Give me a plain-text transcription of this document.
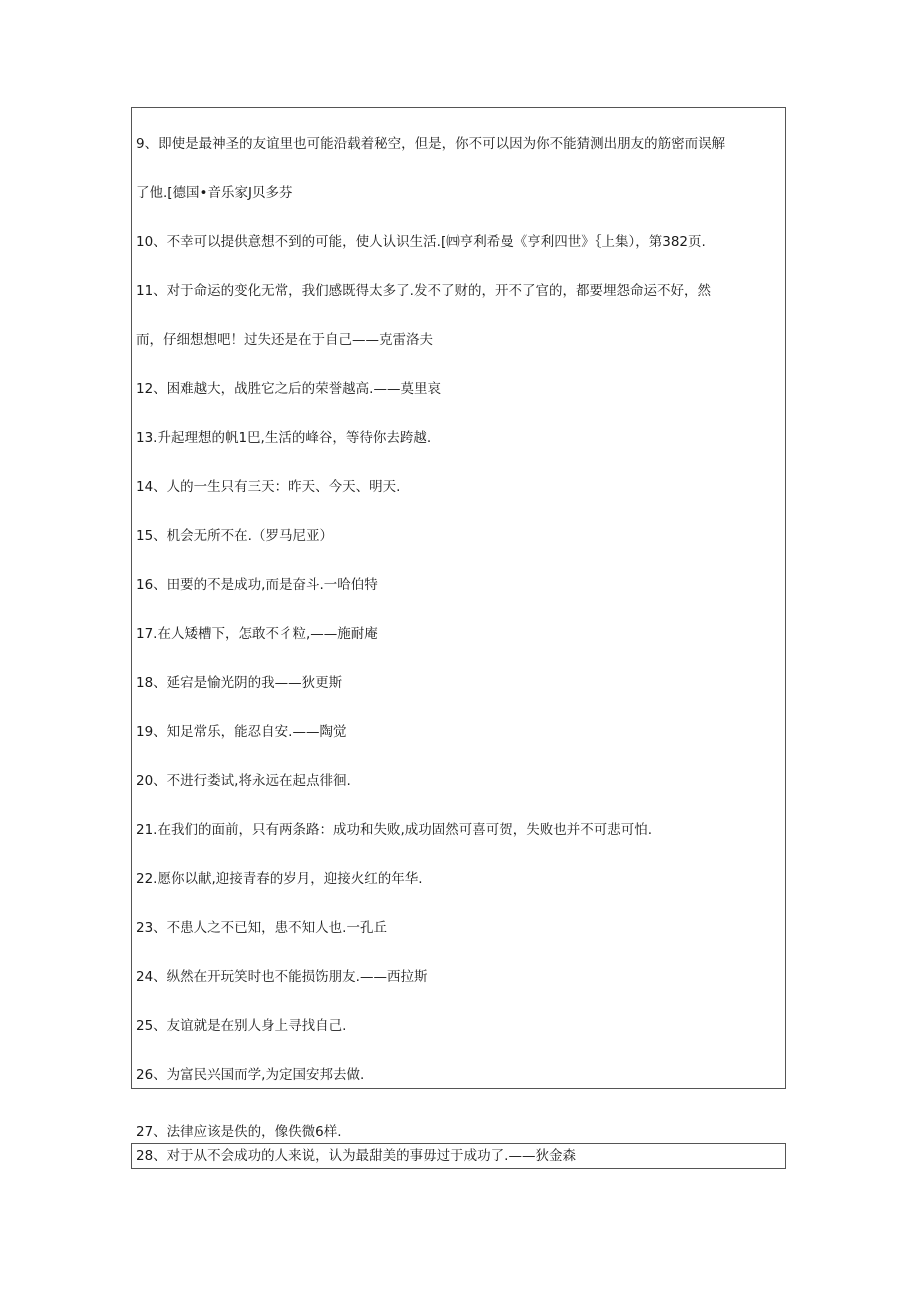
9、即使是最神圣的友谊里也可能沿载着秘空，但是，你不可以因为你不能猜测出朋友的筋密而误解
了他.[德国•音乐家J贝多芬
10、不幸可以提供意想不到的可能，使人认识生活.[㈣亨利希曼《亨利四世》｛上集），第382页.
11、对于命运的变化无常，我们感既得太多了.发不了财的，开不了官的，都要埋怨命运不好，然
而，仔细想想吧！过失还是在于自己——克雷洛夫
12、困难越大，战胜它之后的荣誉越高.——莫里哀
13.升起理想的帆1巴,生活的峰谷，等待你去跨越.
14、人的一生只有三天：昨天、今天、明天.
15、机会无所不在.（罗马尼亚）
16、田要的不是成功,而是奋斗.一哈伯特
17.在人矮槽下，怎敢不彳粒,——施耐庵
18、延宕是愉光阴的我——狄更斯
19、知足常乐，能忍自安.——陶觉
20、不进行娄试,将永远在起点徘徊.
21.在我们的面前，只有两条路：成功和失败,成功固然可喜可贺，失败也并不可悲可怕.
22.愿你以献,迎接青春的岁月，迎接火红的年华.
23、不患人之不已知，患不知人也.一孔丘
24、纵然在开玩笑时也不能损饬朋友.——西拉斯
25、友谊就是在别人身上寻找自己.
26、为富民兴国而学,为定国安邦去做.
27、法律应该是佚的，像佚微6样.
28、对于从不会成功的人来说，认为最甜美的事毋过于成功了.——狄金森
